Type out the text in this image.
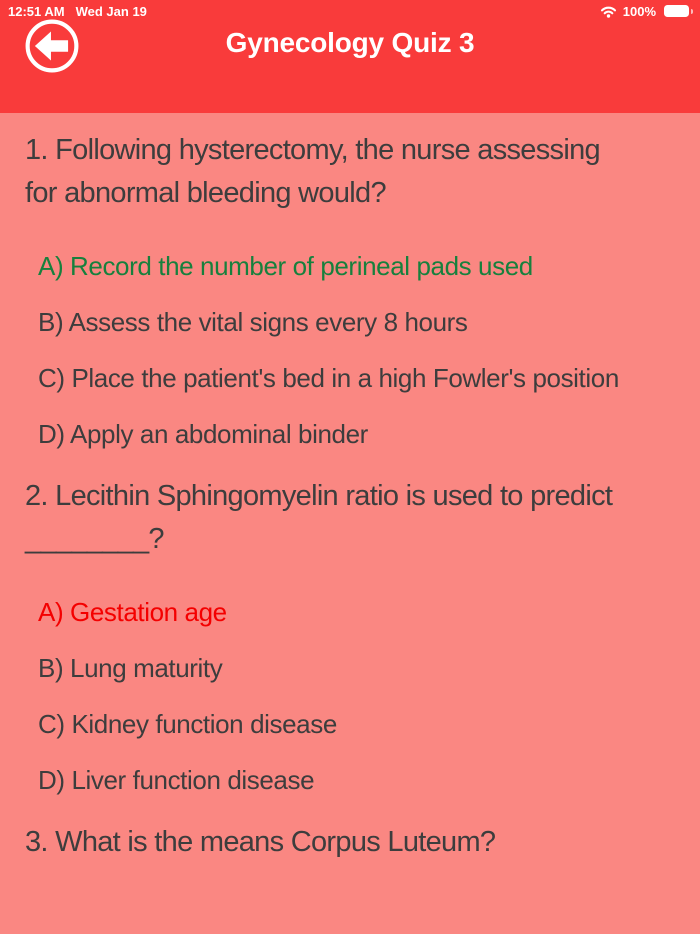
12:51 AM Wed Jan 19	100%
Gynecology Quiz 3

1. Following hysterectomy, the nurse assessing

for abnormal bleeding would?

A) Record the number of perineal pads used
B) Assess the vital signs every 8 hours
C) Place the patient's bed in a high Fowler's position
D) Apply an abdominal binder

2. Lecithin Sphingomyelin ratio is used to predict

________?

A) Gestation age
B) Lung maturity
C) Kidney function disease
D) Liver function disease

3. What is the means Corpus Luteum?
